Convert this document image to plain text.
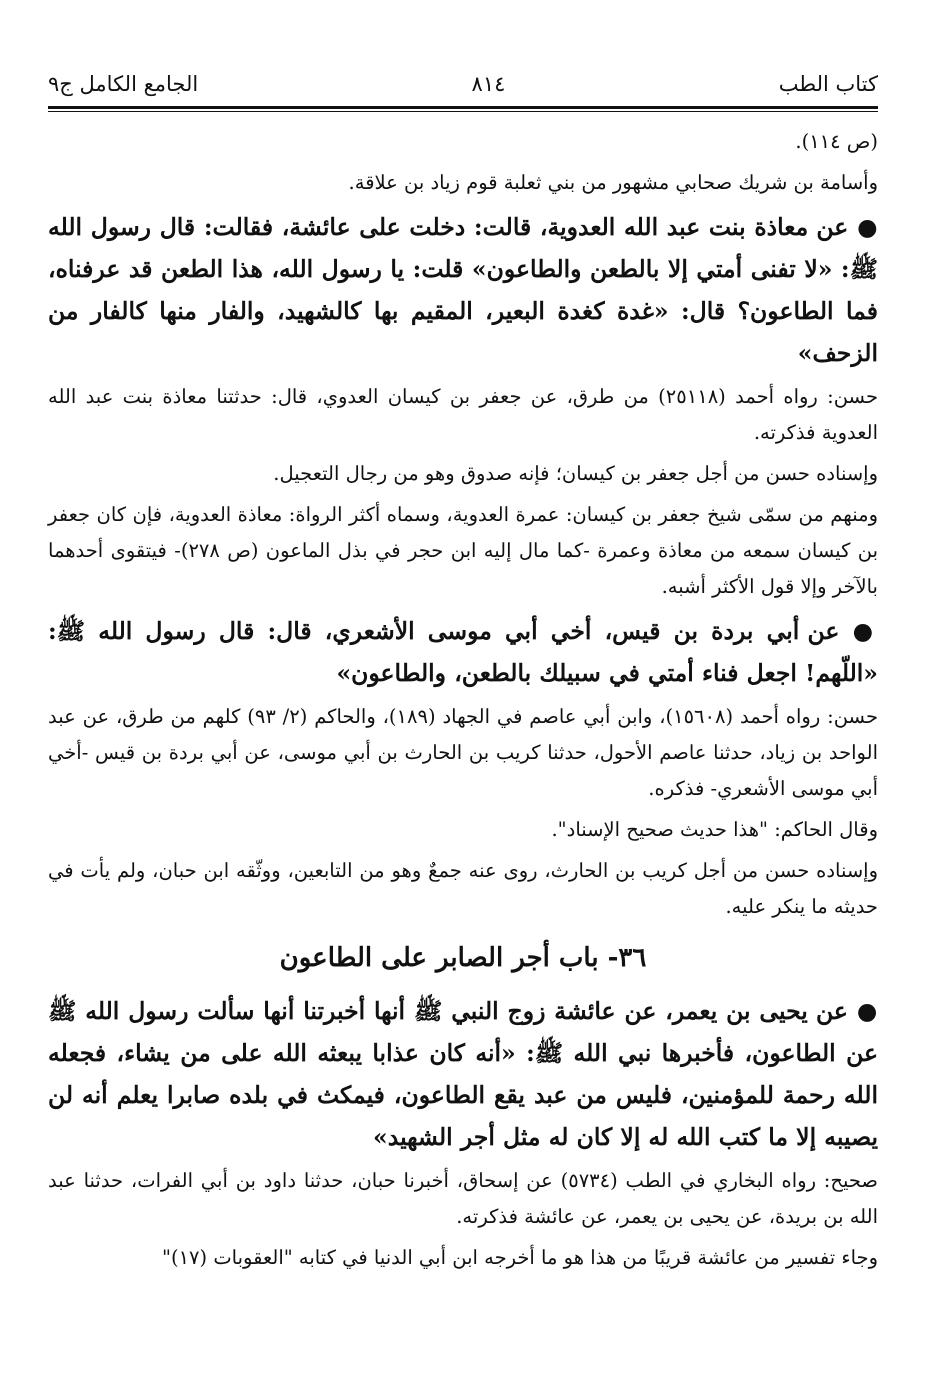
كتاب الطب
٨١٤
الجامع الكامل ج٩

(ص ١١٤).

وأسامة بن شريك صحابي مشهور من بني ثعلبة قوم زياد بن علاقة.

● عن معاذة بنت عبد الله العدوية، قالت: دخلت على عائشة، فقالت: قال رسول الله ﷺ: «لا تفنى أمتي إلا بالطعن والطاعون» قلت: يا رسول الله، هذا الطعن قد عرفناه، فما الطاعون؟ قال: «غدة كغدة البعير، المقيم بها كالشهيد، والفار منها كالفار من الزحف»

حسن: رواه أحمد (٢٥١١٨) من طرق، عن جعفر بن كيسان العدوي، قال: حدثتنا معاذة بنت عبد الله العدوية فذكرته.

وإسناده حسن من أجل جعفر بن كيسان؛ فإنه صدوق وهو من رجال التعجيل.

ومنهم من سمّى شيخ جعفر بن كيسان: عمرة العدوية، وسماه أكثر الرواة: معاذة العدوية، فإن كان جعفر بن كيسان سمعه من معاذة وعمرة -كما مال إليه ابن حجر في بذل الماعون (ص ٢٧٨)- فيتقوى أحدهما بالآخر وإلا قول الأكثر أشبه.

● عن أبي بردة بن قيس، أخي أبي موسى الأشعري، قال: قال رسول الله ﷺ: «اللّهم! اجعل فناء أمتي في سبيلك بالطعن، والطاعون»

حسن: رواه أحمد (١٥٦٠٨)، وابن أبي عاصم في الجهاد (١٨٩)، والحاكم (٢/ ٩٣) كلهم من طرق، عن عبد الواحد بن زياد، حدثنا عاصم الأحول، حدثنا كريب بن الحارث بن أبي موسى، عن أبي بردة بن قيس -أخي أبي موسى الأشعري- فذكره.

وقال الحاكم: "هذا حديث صحيح الإسناد".

وإسناده حسن من أجل كريب بن الحارث، روى عنه جمعٌ وهو من التابعين، ووثّقه ابن حبان، ولم يأت في حديثه ما ينكر عليه.

٣٦- باب أجر الصابر على الطاعون

● عن يحيى بن يعمر، عن عائشة زوج النبي ﷺ أنها أخبرتنا أنها سألت رسول الله ﷺ عن الطاعون، فأخبرها نبي الله ﷺ: «أنه كان عذابا يبعثه الله على من يشاء، فجعله الله رحمة للمؤمنين، فليس من عبد يقع الطاعون، فيمكث في بلده صابرا يعلم أنه لن يصيبه إلا ما كتب الله له إلا كان له مثل أجر الشهيد»

صحيح: رواه البخاري في الطب (٥٧٣٤) عن إسحاق، أخبرنا حبان، حدثنا داود بن أبي الفرات، حدثنا عبد الله بن بريدة، عن يحيى بن يعمر، عن عائشة فذكرته.

وجاء تفسير من عائشة قريبًا من هذا هو ما أخرجه ابن أبي الدنيا في كتابه "العقوبات (١٧)"
